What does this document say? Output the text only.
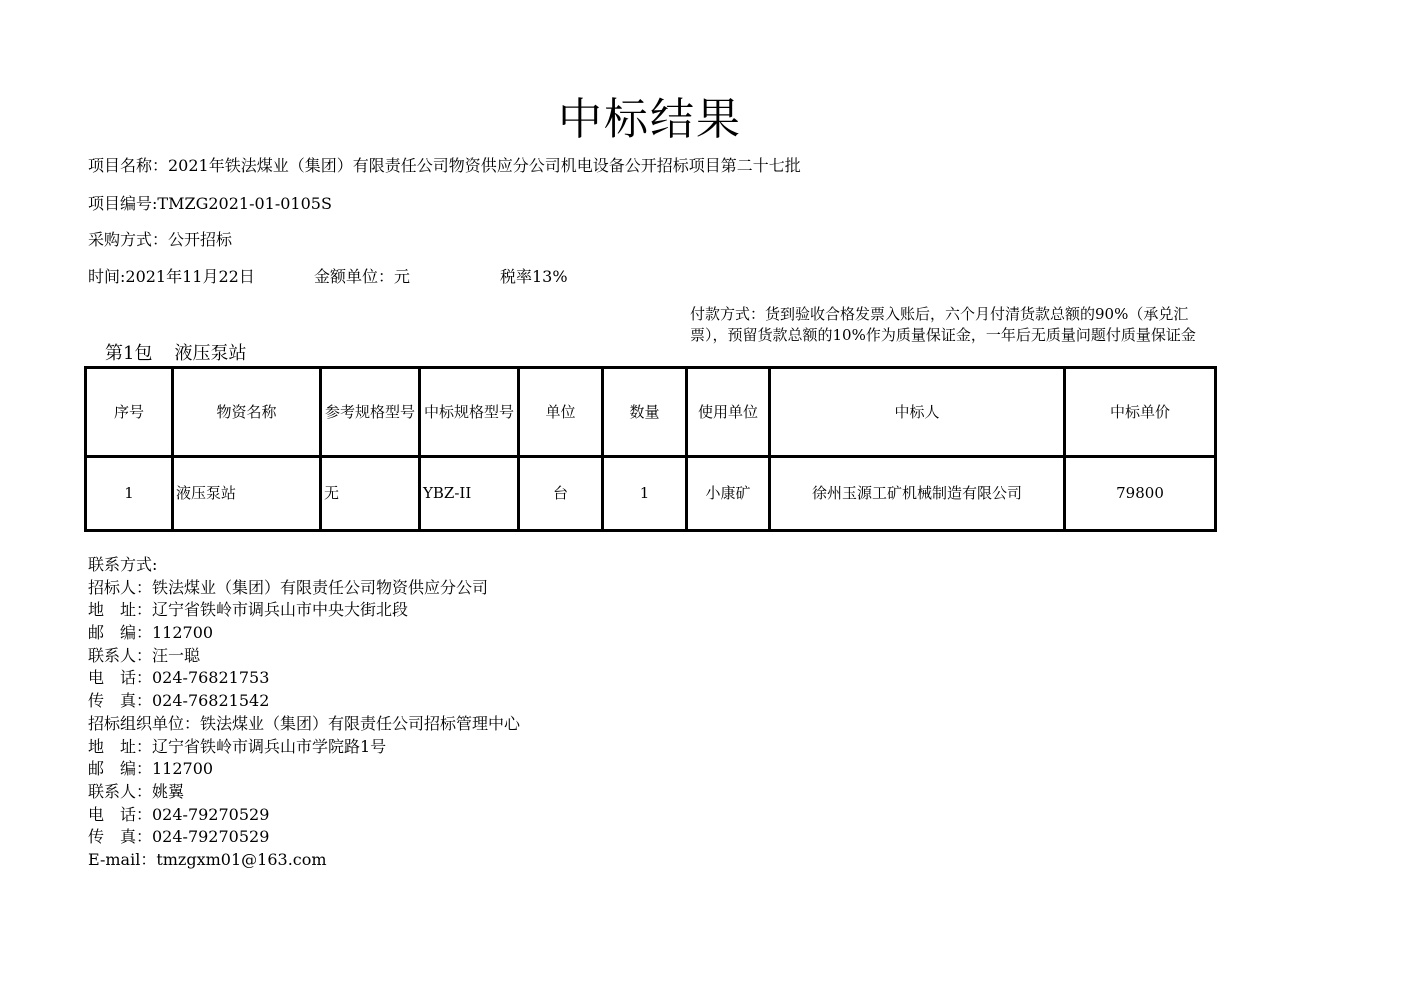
中标结果
项目名称：2021年铁法煤业（集团）有限责任公司物资供应分公司机电设备公开招标项目第二十七批
项目编号:TMZG2021-01-0105S
采购方式：公开招标
时间:2021年11月22日	金额单位：元	税率13%
付款方式：货到验收合格发票入账后，六个月付清货款总额的90%（承兑汇票），预留货款总额的10%作为质量保证金，一年后无质量问题付质量保证金
第1包 液压泵站
序号	物资名称	参考规格型号	中标规格型号	单位	数量	使用单位	中标人	中标单价
1	液压泵站	无	YBZ-II	台	1	小康矿	徐州玉源工矿机械制造有限公司	79800
联系方式:
招标人：铁法煤业（集团）有限责任公司物资供应分公司
地　址：辽宁省铁岭市调兵山市中央大街北段
邮　编：112700
联系人：汪一聪
电　话：024-76821753
传　真：024-76821542
招标组织单位：铁法煤业（集团）有限责任公司招标管理中心
地　址：辽宁省铁岭市调兵山市学院路1号
邮　编：112700
联系人：姚翼
电　话：024-79270529
传　真：024-79270529
E-mail：tmzgxm01@163.com
